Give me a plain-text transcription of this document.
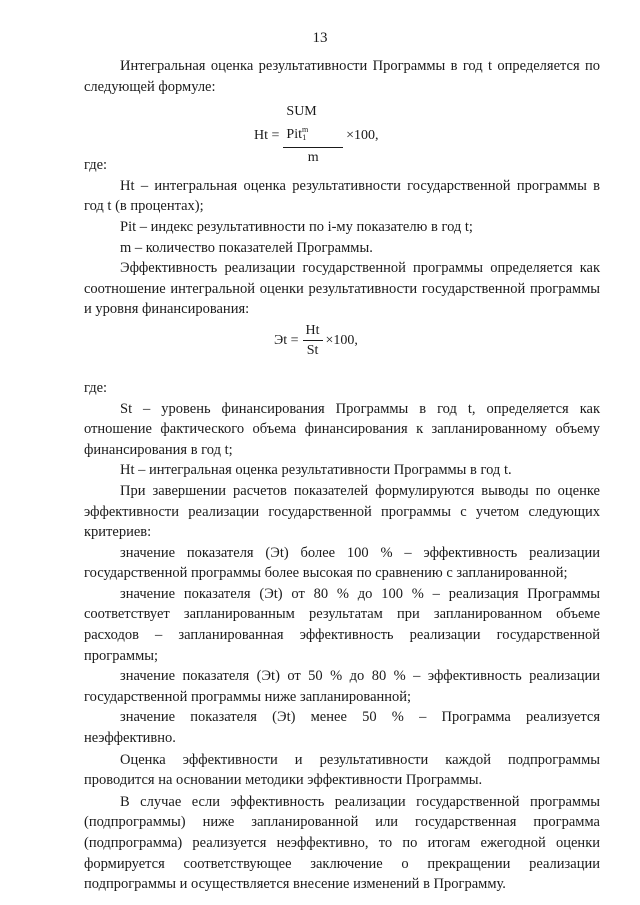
13

Интегральная оценка результативности Программы в год t определяется по следующей формуле:

$Ht = \frac{SUM Pit^m_1}{m} \times 100$,

где:

Ht – интегральная оценка результативности государственной программы в год t (в процентах);

Pit – индекс результативности по i-му показателю в год t;

m – количество показателей Программы.

Эффективность реализации государственной программы определяется как соотношение интегральной оценки результативности государственной программы и уровня финансирования:

Эt = $\frac{Ht}{St} \times 100$,

где:

St – уровень финансирования Программы в год t, определяется как отношение фактического объема финансирования к запланированному объему финансирования в год t;

Ht – интегральная оценка результативности Программы в год t.

При завершении расчетов показателей формулируются выводы по оценке эффективности реализации государственной программы с учетом следующих критериев:

значение показателя (Эt) более 100 % – эффективность реализации государственной программы более высокая по сравнению с запланированной;

значение показателя (Эt) от 80 % до 100 % – реализация Программы соответствует запланированным результатам при запланированном объеме расходов – запланированная эффективность реализации государственной программы;

значение показателя (Эt) от 50 % до 80 % – эффективность реализации государственной программы ниже запланированной;

значение показателя (Эt) менее 50 % – Программа реализуется неэффективно.

Оценка эффективности и результативности каждой подпрограммы проводится на основании методики эффективности Программы.

В случае если эффективность реализации государственной программы (подпрограммы) ниже запланированной или государственная программа (подпрограмма) реализуется неэффективно, то по итогам ежегодной оценки формируется соответствующее заключение о прекращении реализации подпрограммы и осуществляется внесение изменений в Программу.
